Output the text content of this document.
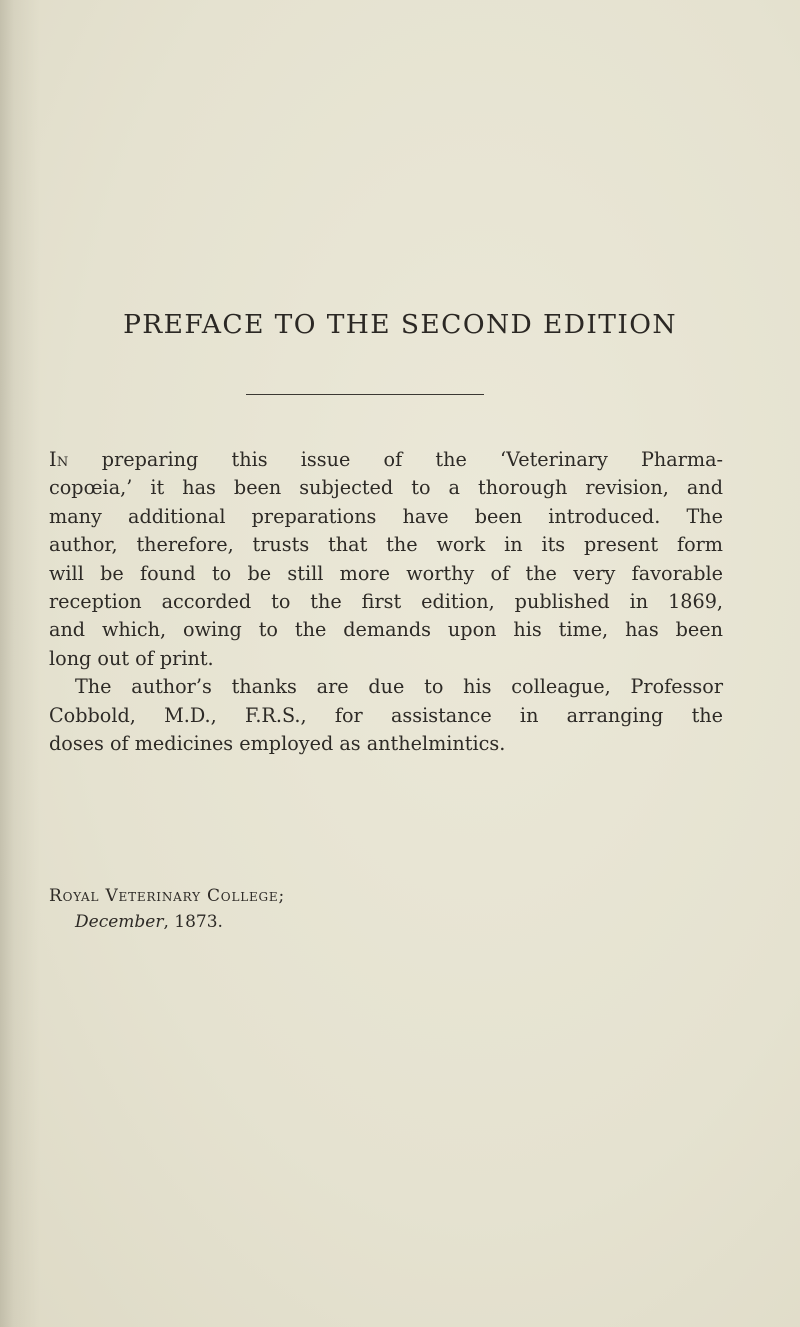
PREFACE TO THE SECOND EDITION
In preparing this issue of the ‘Veterinary Pharma-
copœia,’ it has been subjected to a thorough revision, and
many additional preparations have been introduced. The
author, therefore, trusts that the work in its present form
will be found to be still more worthy of the very favorable
reception accorded to the first edition, published in 1869,
and which, owing to the demands upon his time, has been
long out of print.
The author’s thanks are due to his colleague, Professor
Cobbold, M.D., F.R.S., for assistance in arranging the
doses of medicines employed as anthelmintics.
Royal Veterinary College;
December, 1873.
